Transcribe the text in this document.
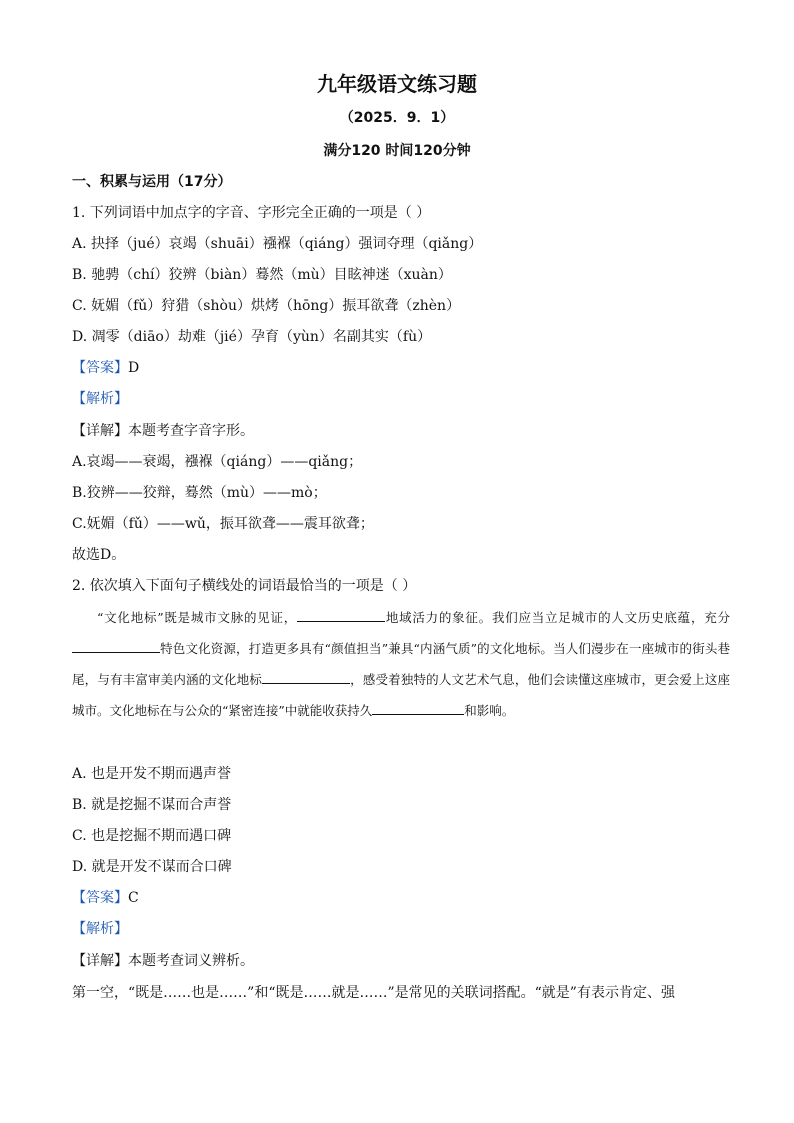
九年级语文练习题
（2025．9．1）
满分120 时间120分钟
一、积累与运用（17分）
1. 下列词语中加点字的字音、字形完全正确的一项是（ ）
A. 抉择（jué）哀竭（shuāi）襁褓（qiáng）强词夺理（qiǎng）
B. 驰骋（chí）狡辨（biàn）蓦然（mù）目眩神迷（xuàn）
C. 妩媚（fǔ）狩猎（shòu）烘烤（hōng）振耳欲聋（zhèn）
D. 凋零（diāo）劫难（jié）孕育（yùn）名副其实（fù）
【答案】D
【解析】
【详解】本题考查字音字形。
A.哀竭——衰竭，襁褓（qiáng）——qiǎng；
B.狡辨——狡辩，蓦然（mù）——mò；
C.妩媚（fǔ）——wǔ，振耳欲聋——震耳欲聋；
故选D。
2. 依次填入下面句子横线处的词语最恰当的一项是（ ）
“文化地标”既是城市文脉的见证，	地域活力的象征。我们应当立足城市的人文历史底蕴，充分特色文化资源，打造更多具有“颜值担当”兼具“内涵气质”的文化地标。当人们漫步在一座城市的街头巷尾，与有丰富审美内涵的文化地标	，感受着独特的人文艺术气息，他们会读懂这座城市，更会爱上这座城市。文化地标在与公众的“紧密连接”中就能收获持久	和影响。
A. 也是开发不期而遇声誉
B. 就是挖掘不谋而合声誉
C. 也是挖掘不期而遇口碑
D. 就是开发不谋而合口碑
【答案】C
【解析】
【详解】本题考查词义辨析。
第一空，“既是……也是……”和“既是……就是……”是常见的关联词搭配。“就是”有表示肯定、强
